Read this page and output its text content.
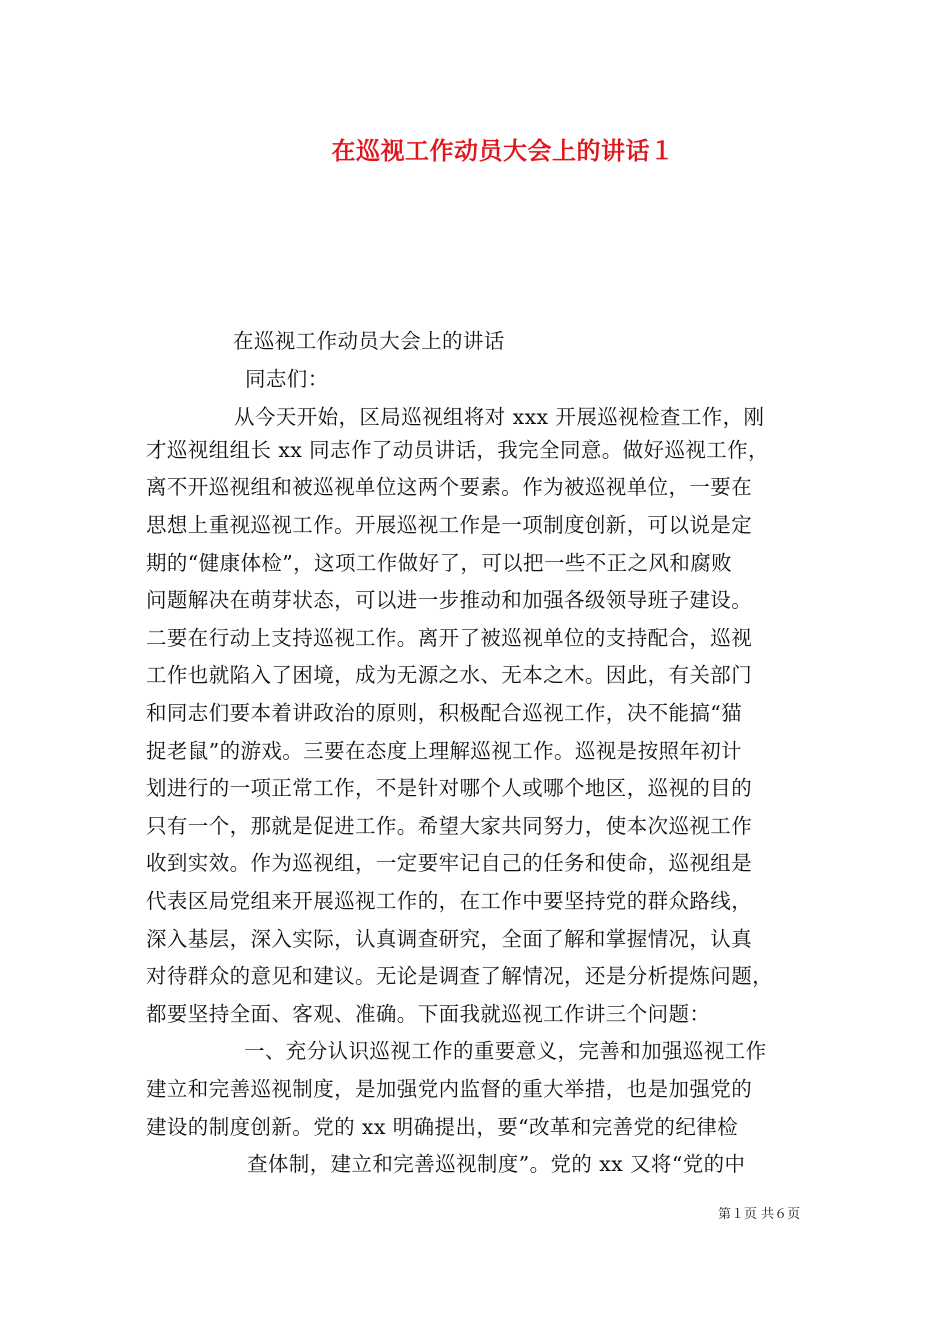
在巡视工作动员大会上的讲话１
在巡视工作动员大会上的讲话
同志们：
从今天开始，区局巡视组将对 xxx 开展巡视检查工作，刚
才巡视组组长 xx 同志作了动员讲话，我完全同意。做好巡视工作，
离不开巡视组和被巡视单位这两个要素。作为被巡视单位，一要在
思想上重视巡视工作。开展巡视工作是一项制度创新，可以说是定
期的“健康体检”，这项工作做好了，可以把一些不正之风和腐败
问题解决在萌芽状态，可以进一步推动和加强各级领导班子建设。
二要在行动上支持巡视工作。离开了被巡视单位的支持配合，巡视
工作也就陷入了困境，成为无源之水、无本之木。因此，有关部门
和同志们要本着讲政治的原则，积极配合巡视工作，决不能搞“猫
捉老鼠”的游戏。三要在态度上理解巡视工作。巡视是按照年初计
划进行的一项正常工作，不是针对哪个人或哪个地区，巡视的目的
只有一个，那就是促进工作。希望大家共同努力，使本次巡视工作
收到实效。作为巡视组，一定要牢记自己的任务和使命，巡视组是
代表区局党组来开展巡视工作的，在工作中要坚持党的群众路线，
深入基层，深入实际，认真调查研究，全面了解和掌握情况，认真
对待群众的意见和建议。无论是调查了解情况，还是分析提炼问题，
都要坚持全面、客观、准确。下面我就巡视工作讲三个问题：
一、充分认识巡视工作的重要意义，完善和加强巡视工作
建立和完善巡视制度，是加强党内监督的重大举措，也是加强党的
建设的制度创新。党的 xx 明确提出，要“改革和完善党的纪律检
查体制，建立和完善巡视制度”。党的 xx 又将“党的中
第１页 共６页
